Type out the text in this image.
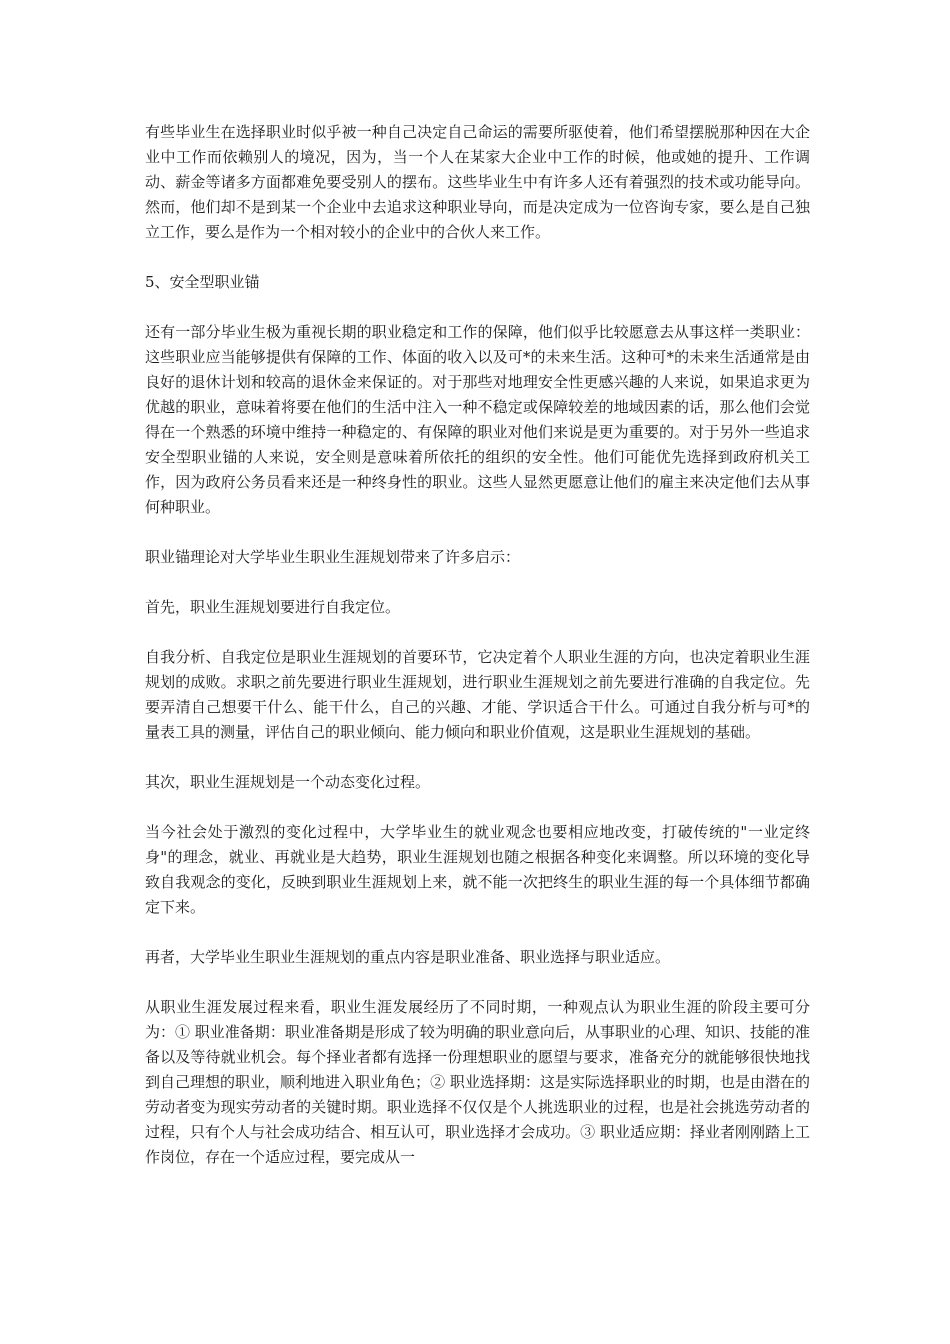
有些毕业生在选择职业时似乎被一种自己决定自己命运的需要所驱使着，他们希望摆脱那种因在大企业中工作而依赖别人的境况，因为，当一个人在某家大企业中工作的时候，他或她的提升、工作调动、薪金等诸多方面都难免要受别人的摆布。这些毕业生中有许多人还有着强烈的技术或功能导向。然而，他们却不是到某一个企业中去追求这种职业导向，而是决定成为一位咨询专家，要么是自己独立工作，要么是作为一个相对较小的企业中的合伙人来工作。

5、安全型职业锚

还有一部分毕业生极为重视长期的职业稳定和工作的保障，他们似乎比较愿意去从事这样一类职业：这些职业应当能够提供有保障的工作、体面的收入以及可*的未来生活。这种可*的未来生活通常是由良好的退休计划和较高的退休金来保证的。对于那些对地理安全性更感兴趣的人来说，如果追求更为优越的职业，意味着将要在他们的生活中注入一种不稳定或保障较差的地域因素的话，那么他们会觉得在一个熟悉的环境中维持一种稳定的、有保障的职业对他们来说是更为重要的。对于另外一些追求安全型职业锚的人来说，安全则是意味着所依托的组织的安全性。他们可能优先选择到政府机关工作，因为政府公务员看来还是一种终身性的职业。这些人显然更愿意让他们的雇主来决定他们去从事何种职业。

职业锚理论对大学毕业生职业生涯规划带来了许多启示：

首先，职业生涯规划要进行自我定位。

自我分析、自我定位是职业生涯规划的首要环节，它决定着个人职业生涯的方向，也决定着职业生涯规划的成败。求职之前先要进行职业生涯规划，进行职业生涯规划之前先要进行准确的自我定位。先要弄清自己想要干什么、能干什么，自己的兴趣、才能、学识适合干什么。可通过自我分析与可*的量表工具的测量，评估自己的职业倾向、能力倾向和职业价值观，这是职业生涯规划的基础。

其次，职业生涯规划是一个动态变化过程。

当今社会处于激烈的变化过程中，大学毕业生的就业观念也要相应地改变，打破传统的"一业定终身"的理念，就业、再就业是大趋势，职业生涯规划也随之根据各种变化来调整。所以环境的变化导致自我观念的变化，反映到职业生涯规划上来，就不能一次把终生的职业生涯的每一个具体细节都确定下来。

再者，大学毕业生职业生涯规划的重点内容是职业准备、职业选择与职业适应。

从职业生涯发展过程来看，职业生涯发展经历了不同时期，一种观点认为职业生涯的阶段主要可分为：① 职业准备期：职业准备期是形成了较为明确的职业意向后，从事职业的心理、知识、技能的准备以及等待就业机会。每个择业者都有选择一份理想职业的愿望与要求，准备充分的就能够很快地找到自己理想的职业，顺利地进入职业角色；② 职业选择期：这是实际选择职业的时期，也是由潜在的劳动者变为现实劳动者的关键时期。职业选择不仅仅是个人挑选职业的过程，也是社会挑选劳动者的过程，只有个人与社会成功结合、相互认可，职业选择才会成功。③ 职业适应期：择业者刚刚踏上工作岗位，存在一个适应过程，要完成从一
